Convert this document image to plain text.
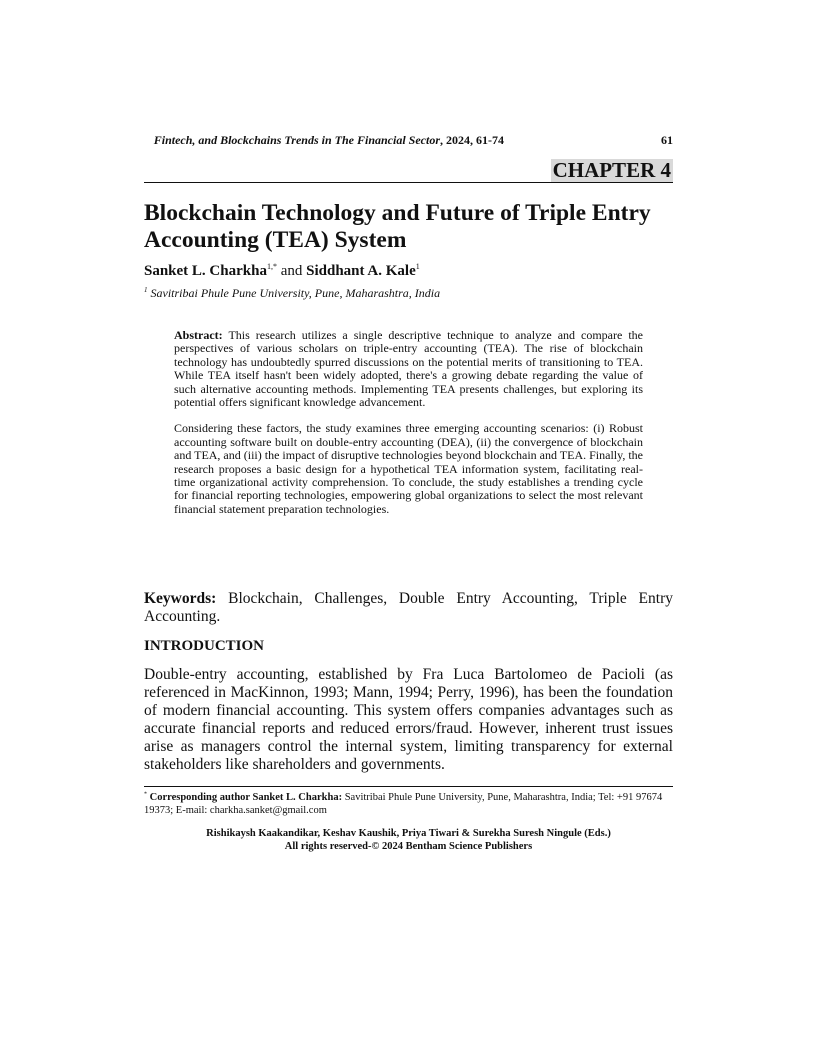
Fintech, and Blockchains Trends in The Financial Sector, 2024, 61-74	61
CHAPTER 4
Blockchain Technology and Future of Triple Entry Accounting (TEA) System
Sanket L. Charkha$^{1,*}$ and Siddhant A. Kale$^1$
$^1$ Savitribai Phule Pune University, Pune, Maharashtra, India

Abstract: This research utilizes a single descriptive technique to analyze and compare the perspectives of various scholars on triple-entry accounting (TEA). The rise of blockchain technology has undoubtedly spurred discussions on the potential merits of transitioning to TEA. While TEA itself hasn't been widely adopted, there's a growing debate regarding the value of such alternative accounting methods. Implementing TEA presents challenges, but exploring its potential offers significant knowledge advancement.

Considering these factors, the study examines three emerging accounting scenarios: (i) Robust accounting software built on double-entry accounting (DEA), (ii) the convergence of blockchain and TEA, and (iii) the impact of disruptive technologies beyond blockchain and TEA. Finally, the research proposes a basic design for a hypothetical TEA information system, facilitating real-time organizational activity comprehension. To conclude, the study establishes a trending cycle for financial reporting technologies, empowering global organizations to select the most relevant financial statement preparation technologies.

Keywords: Blockchain, Challenges, Double Entry Accounting, Triple Entry Accounting.

INTRODUCTION

Double-entry accounting, established by Fra Luca Bartolomeo de Pacioli (as referenced in MacKinnon, 1993; Mann, 1994; Perry, 1996), has been the foundation of modern financial accounting. This system offers companies advantages such as accurate financial reports and reduced errors/fraud. However, inherent trust issues arise as managers control the internal system, limiting transparency for external stakeholders like shareholders and governments.

* Corresponding author Sanket L. Charkha: Savitribai Phule Pune University, Pune, Maharashtra, India; Tel: +91 97674 19373; E-mail: charkha.sanket@gmail.com

Rishikaysh Kaakandikar, Keshav Kaushik, Priya Tiwari & Surekha Suresh Ningule (Eds.)
All rights reserved-© 2024 Bentham Science Publishers
